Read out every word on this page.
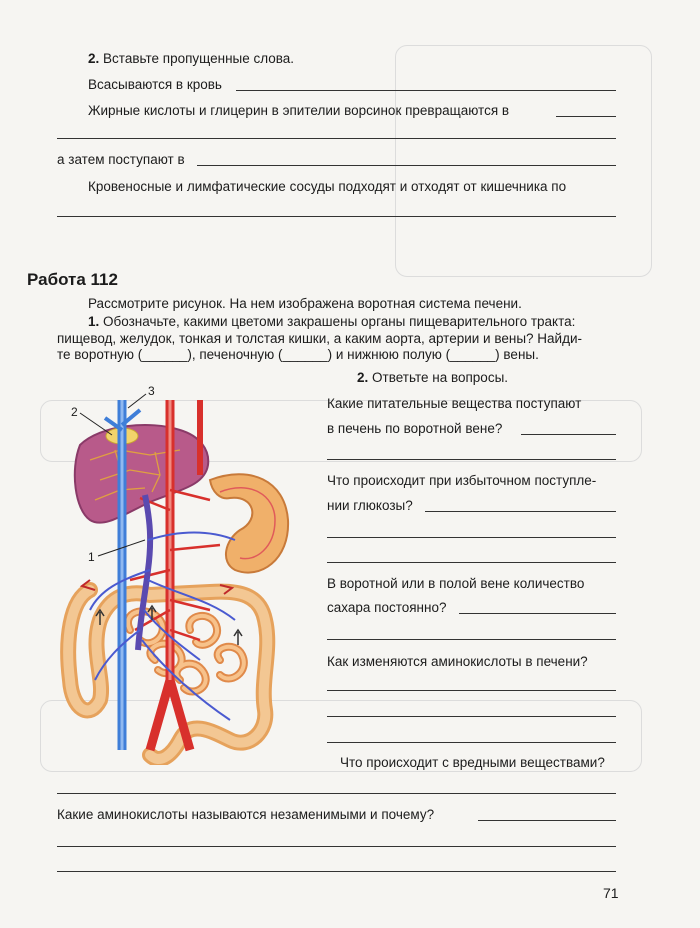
2. Вставьте пропущенные слова.
Всасываются в кровь
Жирные кислоты и глицерин в эпителии ворсинок превращаются в
а затем поступают в
Кровеносные и лимфатические сосуды подходят и отходят от кишечника по
Работа 112
Рассмотрите рисунок. На нем изображена воротная система печени.
1. Обозначьте, какими цветоми закрашены органы пищеварительного тракта:
пищевод, желудок, тонкая и толстая кишки, а каким аорта, артерии и вены? Найди-
те воротную (______), печеночную (______) и нижнюю полую (______) вены.
2. Ответьте на вопросы.
Какие питательные вещества поступают
в печень по воротной вене?
Что происходит при избыточном поступле-
нии глюкозы?
В воротной или в полой вене количество
сахара постоянно?
Как изменяются аминокислоты в печени?
Что происходит с вредными веществами?
Какие аминокислоты называются незаменимыми и почему?
71
2
3
1
